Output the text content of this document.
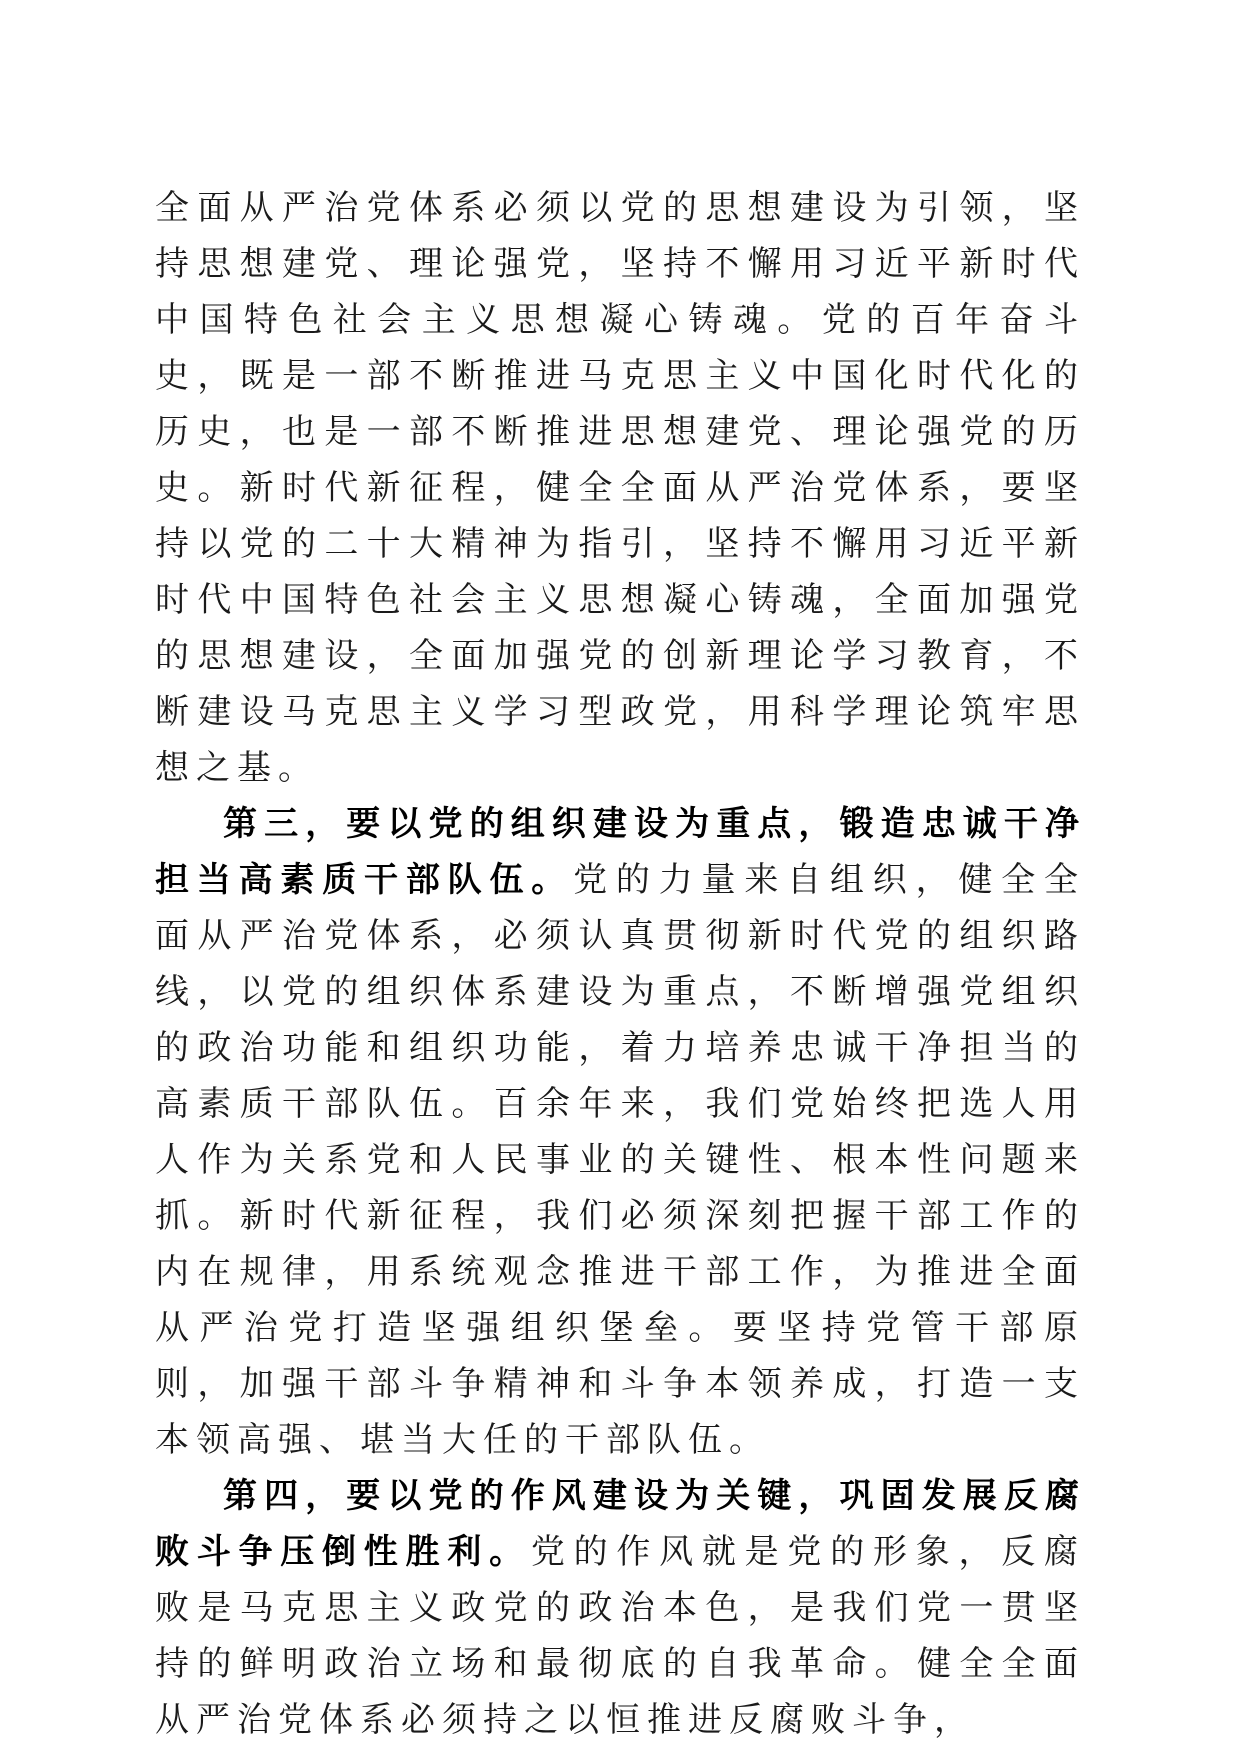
全面从严治党体系必须以党的思想建设为引领，坚持思想建党、理论强党，坚持不懈用习近平新时代中国特色社会主义思想凝心铸魂。党的百年奋斗史，既是一部不断推进马克思主义中国化时代化的历史，也是一部不断推进思想建党、理论强党的历史。新时代新征程，健全全面从严治党体系，要坚持以党的二十大精神为指引，坚持不懈用习近平新时代中国特色社会主义思想凝心铸魂，全面加强党的思想建设，全面加强党的创新理论学习教育，不断建设马克思主义学习型政党，用科学理论筑牢思想之基。

第三，要以党的组织建设为重点，锻造忠诚干净担当高素质干部队伍。党的力量来自组织，健全全面从严治党体系，必须认真贯彻新时代党的组织路线，以党的组织体系建设为重点，不断增强党组织的政治功能和组织功能，着力培养忠诚干净担当的高素质干部队伍。百余年来，我们党始终把选人用人作为关系党和人民事业的关键性、根本性问题来抓。新时代新征程，我们必须深刻把握干部工作的内在规律，用系统观念推进干部工作，为推进全面从严治党打造坚强组织堡垒。要坚持党管干部原则，加强干部斗争精神和斗争本领养成，打造一支本领高强、堪当大任的干部队伍。

第四，要以党的作风建设为关键，巩固发展反腐败斗争压倒性胜利。党的作风就是党的形象，反腐败是马克思主义政党的政治本色，是我们党一贯坚持的鲜明政治立场和最彻底的自我革命。健全全面从严治党体系必须持之以恒推进反腐败斗争，
